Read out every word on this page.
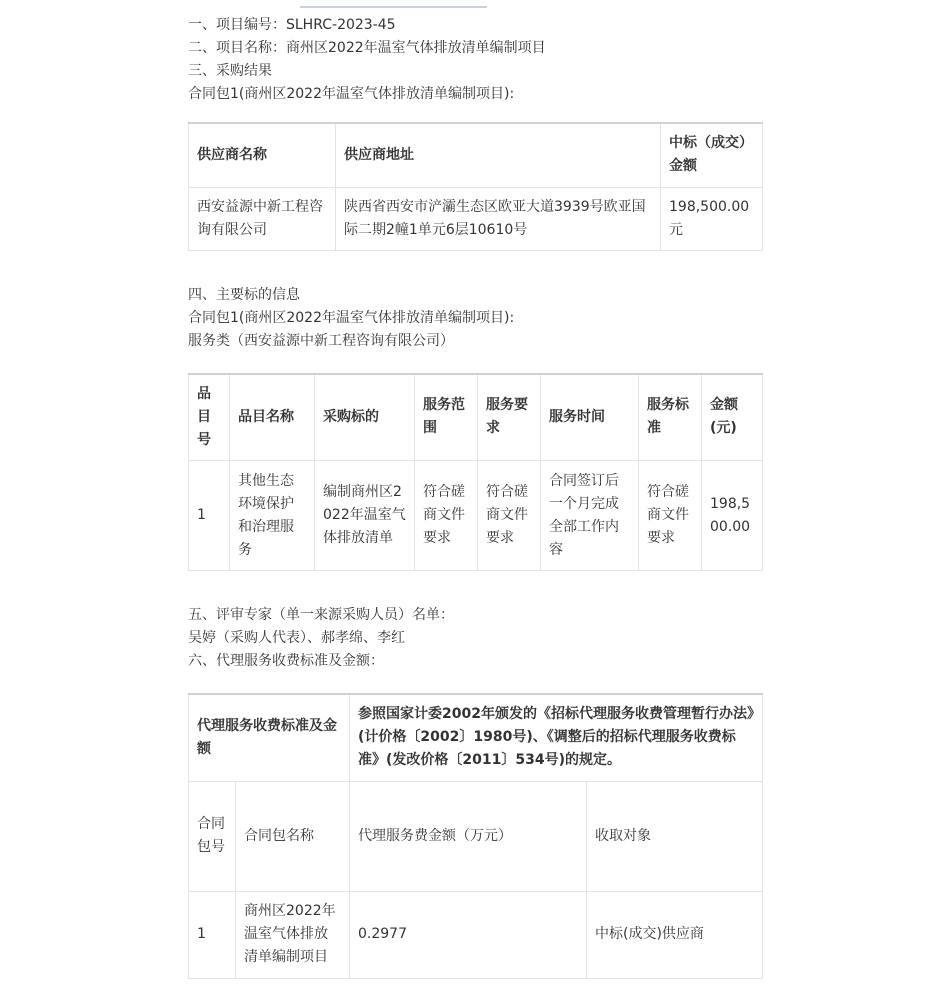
一、项目编号：SLHRC-2023-45
二、项目名称：商州区2022年温室气体排放清单编制项目
三、采购结果
合同包1(商州区2022年温室气体排放清单编制项目):
供应商名称	供应商地址	中标（成交）金额
西安益源中新工程咨询有限公司	陕西省西安市浐灞生态区欧亚大道3939号欧亚国际二期2幢1单元6层10610号	198,500.00元
四、主要标的信息
合同包1(商州区2022年温室气体排放清单编制项目):
服务类（西安益源中新工程咨询有限公司）
品目号	品目名称	采购标的	服务范围	服务要求	服务时间	服务标准	金额(元)
1	其他生态环境保护和治理服务	编制商州区2022年温室气体排放清单	符合磋商文件要求	符合磋商文件要求	合同签订后一个月完成全部工作内容	符合磋商文件要求	198,500.00
五、评审专家（单一来源采购人员）名单：
吴婷（采购人代表）、郝孝绵、李红
六、代理服务收费标准及金额：
代理服务收费标准及金额		参照国家计委2002年颁发的《招标代理服务收费管理暂行办法》(计价格〔2002〕1980号)、《调整后的招标代理服务收费标准》(发改价格〔2011〕534号)的规定。	
合同包号	合同包名称	代理服务费金额（万元）	收取对象
1	商州区2022年温室气体排放清单编制项目	0.2977	中标(成交)供应商
